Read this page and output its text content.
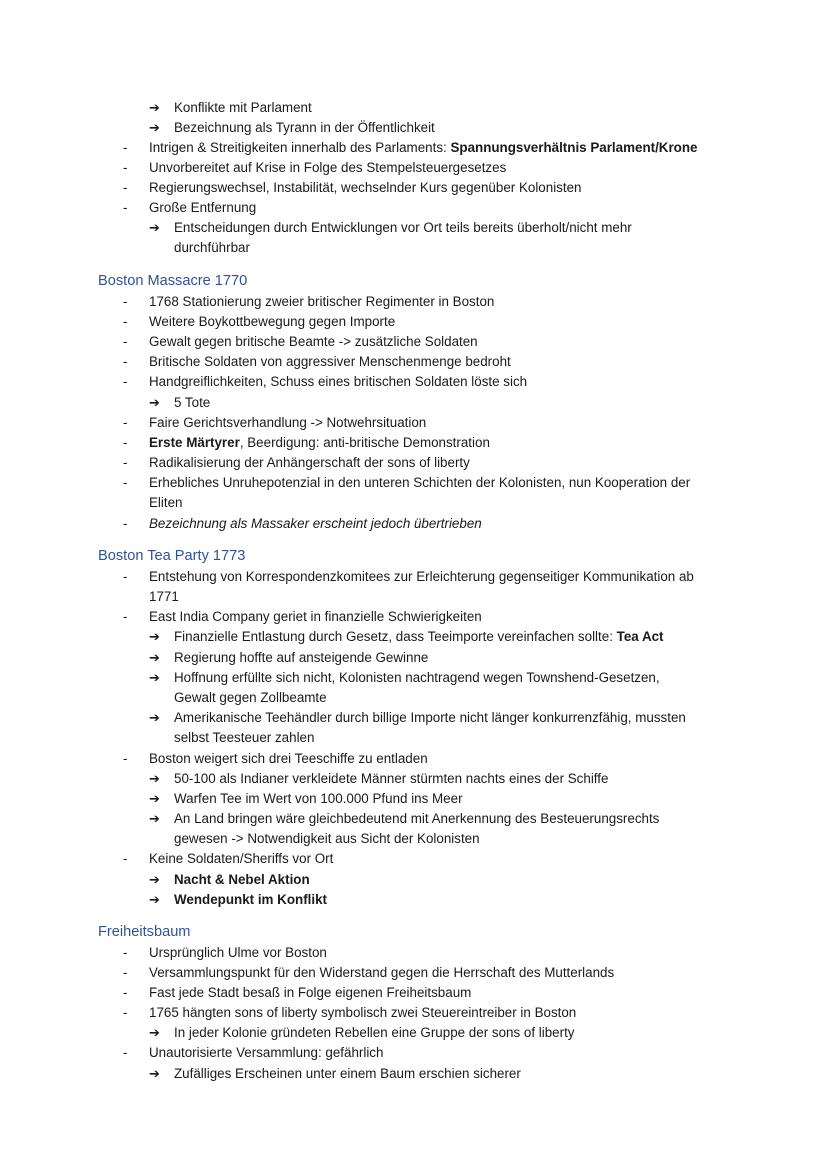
➔ Konflikte mit Parlament
➔ Bezeichnung als Tyrann in der Öffentlichkeit
- Intrigen & Streitigkeiten innerhalb des Parlaments: Spannungsverhältnis Parlament/Krone
- Unvorbereitet auf Krise in Folge des Stempelsteuergesetzes
- Regierungswechsel, Instabilität, wechselnder Kurs gegenüber Kolonisten
- Große Entfernung
➔ Entscheidungen durch Entwicklungen vor Ort teils bereits überholt/nicht mehr
durchführbar
Boston Massacre 1770
- 1768 Stationierung zweier britischer Regimenter in Boston
- Weitere Boykottbewegung gegen Importe
- Gewalt gegen britische Beamte -> zusätzliche Soldaten
- Britische Soldaten von aggressiver Menschenmenge bedroht
- Handgreiflichkeiten, Schuss eines britischen Soldaten löste sich
➔ 5 Tote
- Faire Gerichtsverhandlung -> Notwehrsituation
- Erste Märtyrer, Beerdigung: anti-britische Demonstration
- Radikalisierung der Anhängerschaft der sons of liberty
- Erhebliches Unruhepotenzial in den unteren Schichten der Kolonisten, nun Kooperation der
Eliten
- Bezeichnung als Massaker erscheint jedoch übertrieben
Boston Tea Party 1773
- Entstehung von Korrespondenzkomitees zur Erleichterung gegenseitiger Kommunikation ab
1771
- East India Company geriet in finanzielle Schwierigkeiten
➔ Finanzielle Entlastung durch Gesetz, dass Teeimporte vereinfachen sollte: Tea Act
➔ Regierung hoffte auf ansteigende Gewinne
➔ Hoffnung erfüllte sich nicht, Kolonisten nachtragend wegen Townshend-Gesetzen,
Gewalt gegen Zollbeamte
➔ Amerikanische Teehändler durch billige Importe nicht länger konkurrenzfähig, mussten
selbst Teesteuer zahlen
- Boston weigert sich drei Teeschiffe zu entladen
➔ 50-100 als Indianer verkleidete Männer stürmten nachts eines der Schiffe
➔ Warfen Tee im Wert von 100.000 Pfund ins Meer
➔ An Land bringen wäre gleichbedeutend mit Anerkennung des Besteuerungsrechts
gewesen -> Notwendigkeit aus Sicht der Kolonisten
- Keine Soldaten/Sheriffs vor Ort
➔ Nacht & Nebel Aktion
➔ Wendepunkt im Konflikt
Freiheitsbaum
- Ursprünglich Ulme vor Boston
- Versammlungspunkt für den Widerstand gegen die Herrschaft des Mutterlands
- Fast jede Stadt besaß in Folge eigenen Freiheitsbaum
- 1765 hängten sons of liberty symbolisch zwei Steuereintreiber in Boston
➔ In jeder Kolonie gründeten Rebellen eine Gruppe der sons of liberty
- Unautorisierte Versammlung: gefährlich
➔ Zufälliges Erscheinen unter einem Baum erschien sicherer
